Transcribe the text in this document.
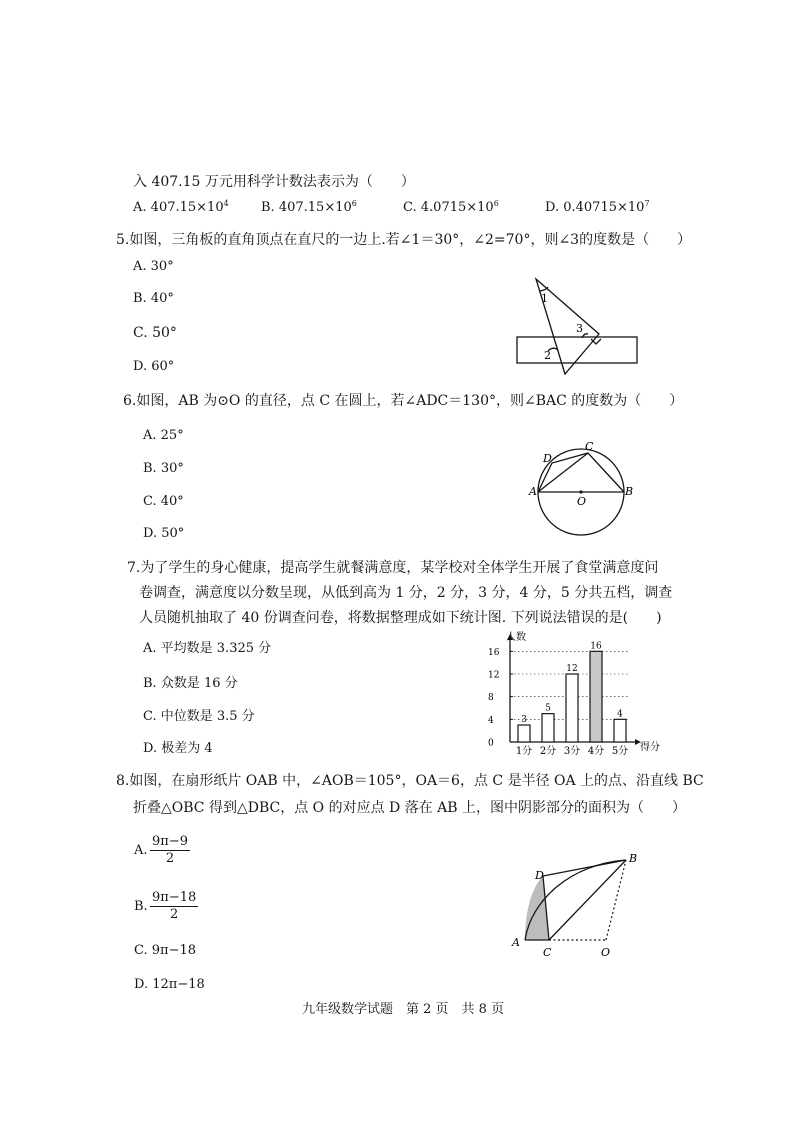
入 407.15 万元用科学计数法表示为（　　）
A. $407.15\times 10^4$ B. $407.15\times 10^6$	C. $4.0715\times 10^6$	D. $0.40715\times 10^7$
5.如图，三角板的直角顶点在直尺的一边上.若∠1＝30°，∠2=70°，则∠3的度数是（　　）
A. 30°
B. 40°
C. 50°
D. 60°
1
2
3
6.如图，AB 为⊙O 的直径，点 C 在圆上，若∠ADC＝130°，则∠BAC 的度数为（　　）
A. 25°
B. 30°
C. 40°
D. 50°
A	B
C
D
O
7.为了学生的身心健康，提高学生就餐满意度，某学校对全体学生开展了食堂满意度问
卷调查，满意度以分数呈现，从低到高为 1 分，2 分，3 分，4 分，5 分共五档，调查
人员随机抽取了 40 份调查问卷，将数据整理成如下统计图. 下列说法错误的是(　　)
A. 平均数是 3.325 分
B. 众数是 16 分
C. 中位数是 3.5 分
D. 极差为 4
人数
得分
0
4
8
12
16
3
5
12
16
4
1分 2分 3分 4分 5分
8.如图，在扇形纸片 OAB 中，∠AOB＝105°，OA＝6，点 C 是半径 OA 上的点、沿直线 BC
折叠△OBC 得到△DBC，点 O 的对应点 D 落在 AB 上，图中阴影部分的面积为（　　）
A. $\frac{9\pi-9}{2}$
B. $\frac{9\pi-18}{2}$
C. 9π−18
D. 12π−18
A
B
C
D
O
九年级数学试题　第 2 页　共 8 页
